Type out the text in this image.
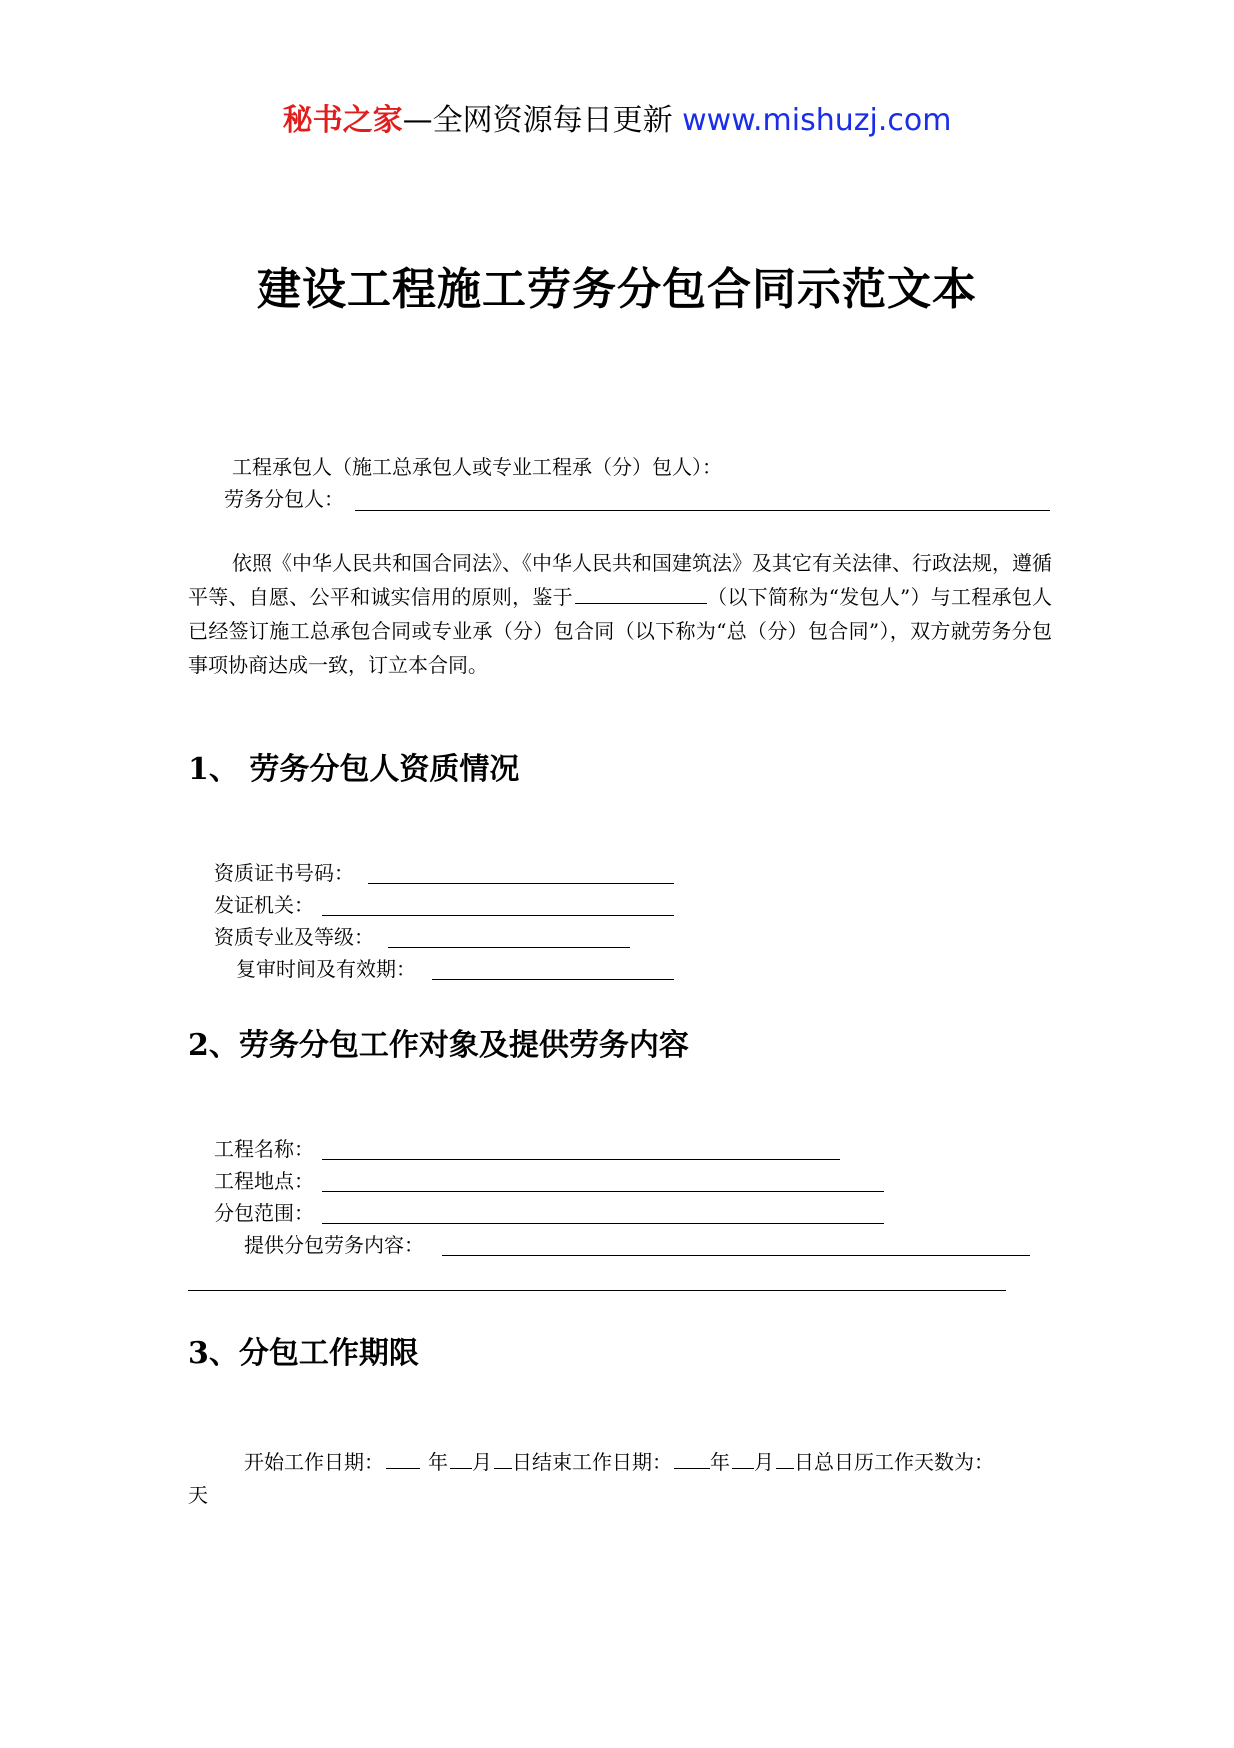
秘书之家—全网资源每日更新 www.mishuzj.com
建设工程施工劳务分包合同示范文本
工程承包人（施工总承包人或专业工程承（分）包人）：
劳务分包人：
依照《中华人民共和国合同法》、《中华人民共和国建筑法》及其它有关法律、行政法规，遵循平等、自愿、公平和诚实信用的原则，鉴于	（以下简称为“发包人”）与工程承包人已经签订施工总承包合同或专业承（分）包合同（以下称为“总（分）包合同”），双方就劳务分包事项协商达成一致，订立本合同。
1、 劳务分包人资质情况
资质证书号码：
发证机关：
资质专业及等级：
复审时间及有效期：
2、劳务分包工作对象及提供劳务内容
工程名称：
工程地点：
分包范围：
提供分包劳务内容：
3、分包工作期限
开始工作日期： 年 月 日结束工作日期： 年 月 日总日历工作天数为：
天
